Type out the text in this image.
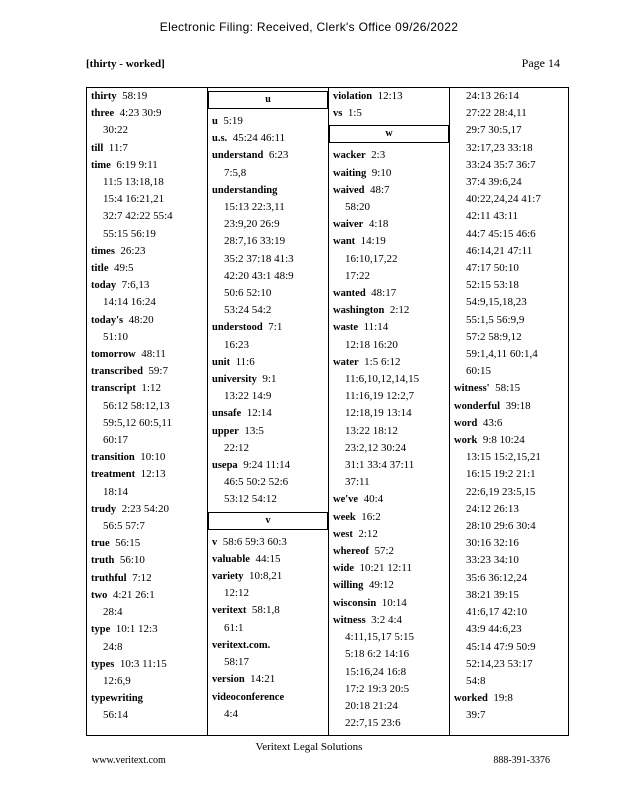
Electronic Filing: Received, Clerk's Office 09/26/2022
[thirty - worked]	Page 14
thirty 58:19
three 4:23 30:9
30:22
till 11:7
time 6:19 9:11
11:5 13:18,18
15:4 16:21,21
32:7 42:22 55:4
55:15 56:19
times 26:23
title 49:5
today 7:6,13
14:14 16:24
today's 48:20
51:10
tomorrow 48:11
transcribed 59:7
transcript 1:12
56:12 58:12,13
59:5,12 60:5,11
60:17
transition 10:10
treatment 12:13
18:14
trudy 2:23 54:20
56:5 57:7
true 56:15
truth 56:10
truthful 7:12
two 4:21 26:1
28:4
type 10:1 12:3
24:8
types 10:3 11:15
12:6,9
typewriting
56:14
u
u 5:19
u.s. 45:24 46:11
understand 6:23
7:5,8
understanding
15:13 22:3,11
23:9,20 26:9
28:7,16 33:19
35:2 37:18 41:3
42:20 43:1 48:9
50:6 52:10
53:24 54:2
understood 7:1
16:23
unit 11:6
university 9:1
13:22 14:9
unsafe 12:14
upper 13:5
22:12
usepa 9:24 11:14
46:5 50:2 52:6
53:12 54:12
v
v 58:6 59:3 60:3
valuable 44:15
variety 10:8,21
12:12
veritext 58:1,8
61:1
veritext.com.
58:17
version 14:21
videoconference
4:4
violation 12:13
vs 1:5
w
wacker 2:3
waiting 9:10
waived 48:7
58:20
waiver 4:18
want 14:19
16:10,17,22
17:22
wanted 48:17
washington 2:12
waste 11:14
12:18 16:20
water 1:5 6:12
11:6,10,12,14,15
11:16,19 12:2,7
12:18,19 13:14
13:22 18:12
23:2,12 30:24
31:1 33:4 37:11
37:11
we've 40:4
week 16:2
west 2:12
whereof 57:2
wide 10:21 12:11
willing 49:12
wisconsin 10:14
witness 3:2 4:4
4:11,15,17 5:15
5:18 6:2 14:16
15:16,24 16:8
17:2 19:3 20:5
20:18 21:24
22:7,15 23:6
24:13 26:14
27:22 28:4,11
29:7 30:5,17
32:17,23 33:18
33:24 35:7 36:7
37:4 39:6,24
40:22,24,24 41:7
42:11 43:11
44:7 45:15 46:6
46:14,21 47:11
47:17 50:10
52:15 53:18
54:9,15,18,23
55:1,5 56:9,9
57:2 58:9,12
59:1,4,11 60:1,4
60:15
witness' 58:15
wonderful 39:18
word 43:6
work 9:8 10:24
13:15 15:2,15,21
16:15 19:2 21:1
22:6,19 23:5,15
24:12 26:13
28:10 29:6 30:4
30:16 32:16
33:23 34:10
35:6 36:12,24
38:21 39:15
41:6,17 42:10
43:9 44:6,23
45:14 47:9 50:9
52:14,23 53:17
54:8
worked 19:8
39:7
Veritext Legal Solutions
www.veritext.com	888-391-3376
